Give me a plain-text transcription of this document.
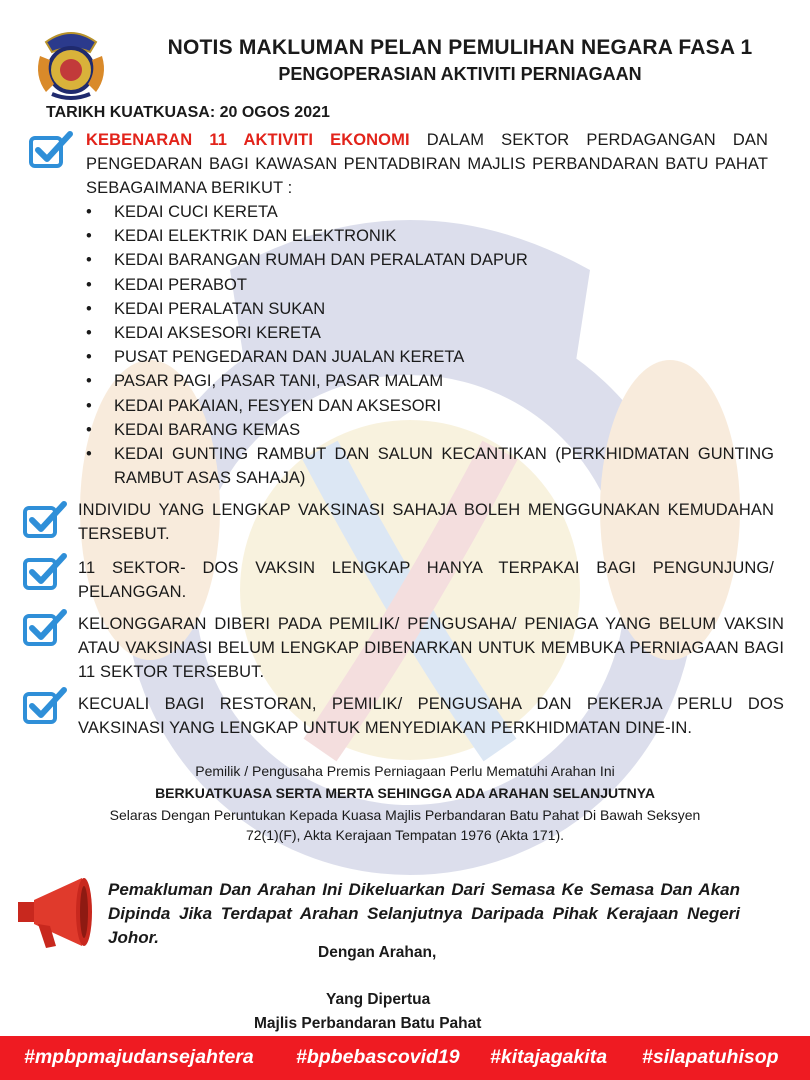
NOTIS MAKLUMAN PELAN PEMULIHAN NEGARA FASA 1
PENGOPERASIAN AKTIVITI PERNIAGAAN
TARIKH KUATKUASA: 20 OGOS 2021
KEBENARAN 11 AKTIVITI EKONOMI DALAM SEKTOR PERDAGANGAN DAN PENGEDARAN BAGI KAWASAN PENTADBIRAN MAJLIS PERBANDARAN BATU PAHAT SEBAGAIMANA BERIKUT :
• KEDAI CUCI KERETA
• KEDAI ELEKTRIK DAN ELEKTRONIK
• KEDAI BARANGAN RUMAH DAN PERALATAN DAPUR
• KEDAI PERABOT
• KEDAI PERALATAN SUKAN
• KEDAI AKSESORI KERETA
• PUSAT PENGEDARAN DAN JUALAN KERETA
• PASAR PAGI, PASAR TANI, PASAR MALAM
• KEDAI PAKAIAN, FESYEN DAN AKSESORI
• KEDAI BARANG KEMAS
• KEDAI GUNTING RAMBUT DAN SALUN KECANTIKAN (PERKHIDMATAN GUNTING RAMBUT ASAS SAHAJA)
INDIVIDU YANG LENGKAP VAKSINASI SAHAJA BOLEH MENGGUNAKAN KEMUDAHAN TERSEBUT.
11 SEKTOR- DOS VAKSIN LENGKAP HANYA TERPAKAI BAGI PENGUNJUNG/ PELANGGAN.
KELONGGARAN DIBERI PADA PEMILIK/ PENGUSAHA/ PENIAGA YANG BELUM VAKSIN ATAU VAKSINASI BELUM LENGKAP DIBENARKAN UNTUK MEMBUKA PERNIAGAAN BAGI 11 SEKTOR TERSEBUT.
KECUALI BAGI RESTORAN, PEMILIK/ PENGUSAHA DAN PEKERJA PERLU DOS VAKSINASI YANG LENGKAP UNTUK MENYEDIAKAN PERKHIDMATAN DINE-IN.
Pemilik / Pengusaha Premis Perniagaan Perlu Mematuhi Arahan Ini
BERKUATKUASA SERTA MERTA SEHINGGA ADA ARAHAN SELANJUTNYA
Selaras Dengan Peruntukan Kepada Kuasa Majlis Perbandaran Batu Pahat Di Bawah Seksyen
72(1)(F), Akta Kerajaan Tempatan 1976 (Akta 171).
Pemakluman Dan Arahan Ini Dikeluarkan Dari Semasa Ke Semasa Dan Akan Dipinda Jika Terdapat Arahan Selanjutnya Daripada Pihak Kerajaan Negeri Johor.
Dengan Arahan,
Yang Dipertua
Majlis Perbandaran Batu Pahat
#mpbpmajudansejahtera #bpbebascovid19 #kitajagakita #silapatuhisop
